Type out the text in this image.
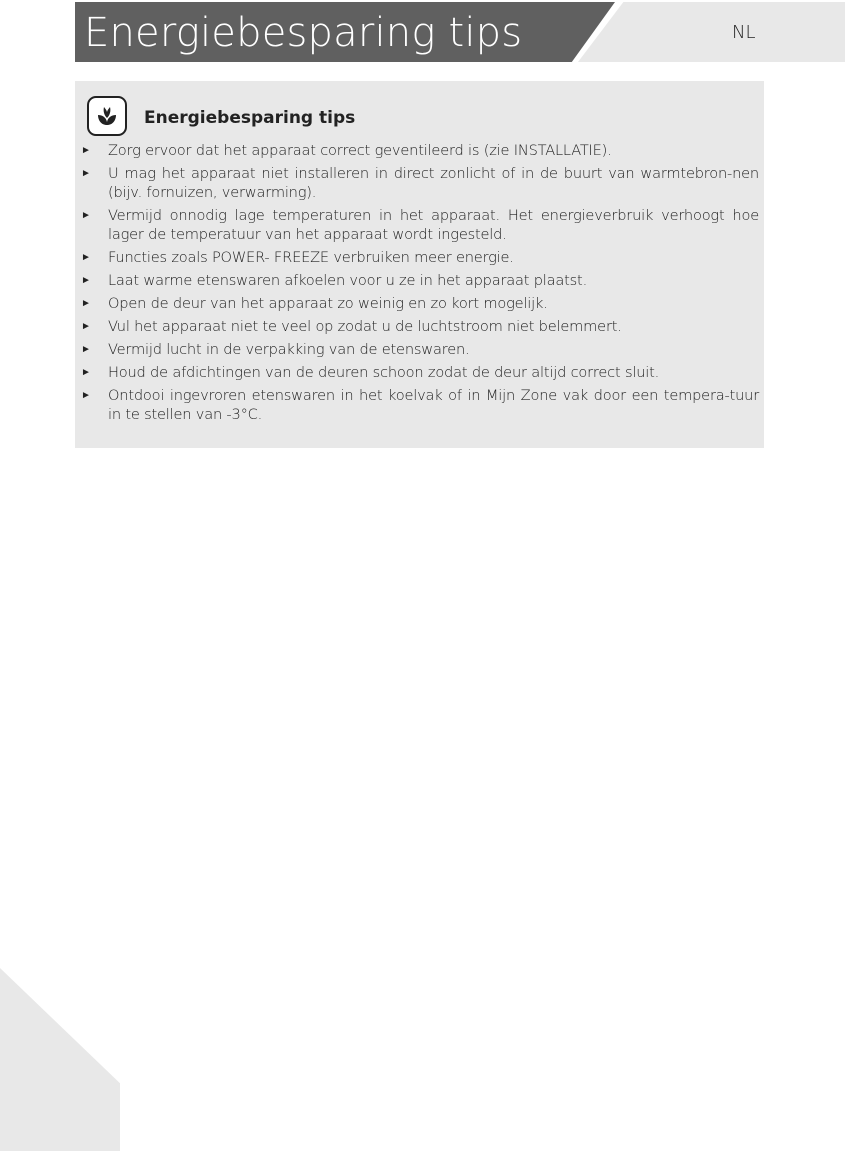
Energiebesparing tips	NL
Energiebesparing tips
► Zorg ervoor dat het apparaat correct geventileerd is (zie INSTALLATIE).
► U mag het apparaat niet installeren in direct zonlicht of in de buurt van warmtebron-nen (bijv. fornuizen, verwarming).
► Vermijd onnodig lage temperaturen in het apparaat. Het energieverbruik verhoogt hoe lager de temperatuur van het apparaat wordt ingesteld.
► Functies zoals POWER- FREEZE verbruiken meer energie.
► Laat warme etenswaren afkoelen voor u ze in het apparaat plaatst.
► Open de deur van het apparaat zo weinig en zo kort mogelijk.
► Vul het apparaat niet te veel op zodat u de luchtstroom niet belemmert.
► Vermijd lucht in de verpakking van de etenswaren.
► Houd de afdichtingen van de deuren schoon zodat de deur altijd correct sluit.
► Ontdooi ingevroren etenswaren in het koelvak of in Mijn Zone vak door een tempera-tuur in te stellen van -3°C.
